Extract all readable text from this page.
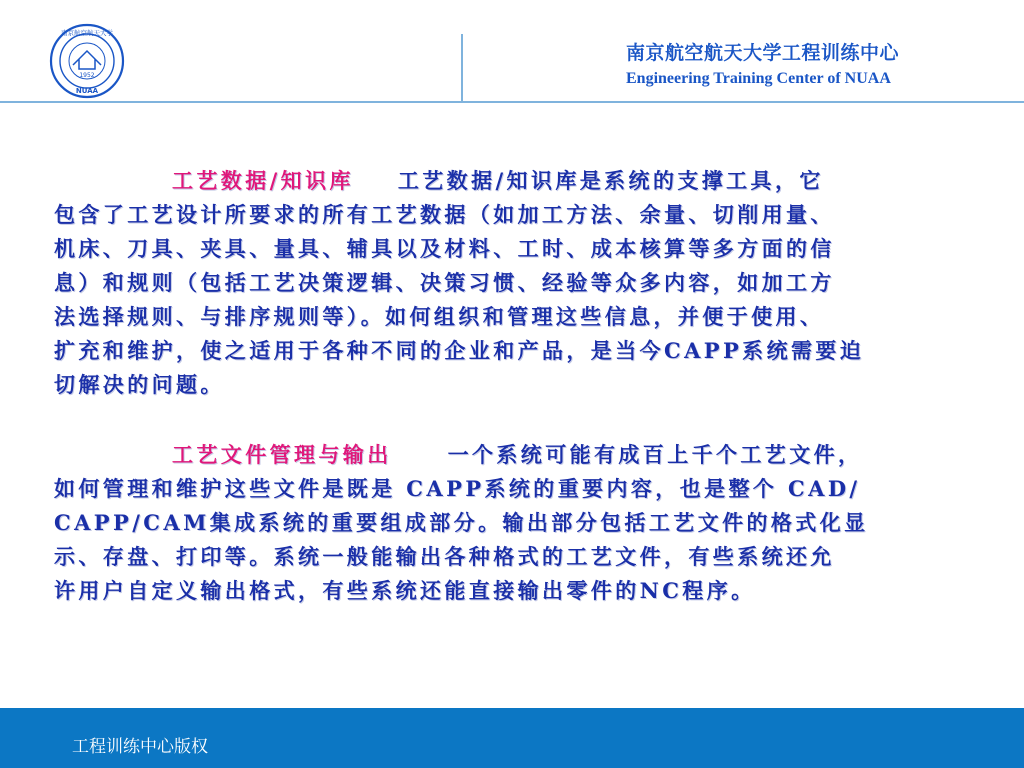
南京航空航天大学
1952
NUAA
南京航空航天大学工程训练中心
Engineering Training Center of NUAA
工艺数据/知识库 工艺数据/知识库是系统的支撑工具，它
包含了工艺设计所要求的所有工艺数据（如加工方法、余量、切削用量、
机床、刀具、夹具、量具、辅具以及材料、工时、成本核算等多方面的信
息）和规则（包括工艺决策逻辑、决策习惯、经验等众多内容，如加工方
法选择规则、与排序规则等）。如何组织和管理这些信息，并便于使用、
扩充和维护，使之适用于各种不同的企业和产品，是当今CAPP系统需要迫
切解决的问题。
工艺文件管理与输出	一个系统可能有成百上千个工艺文件，
如何管理和维护这些文件是既是 CAPP系统的重要内容，也是整个 CAD/
CAPP/CAM集成系统的重要组成部分。输出部分包括工艺文件的格式化显
示、存盘、打印等。系统一般能输出各种格式的工艺文件，有些系统还允
许用户自定义输出格式，有些系统还能直接输出零件的NC程序。
工程训练中心版权
